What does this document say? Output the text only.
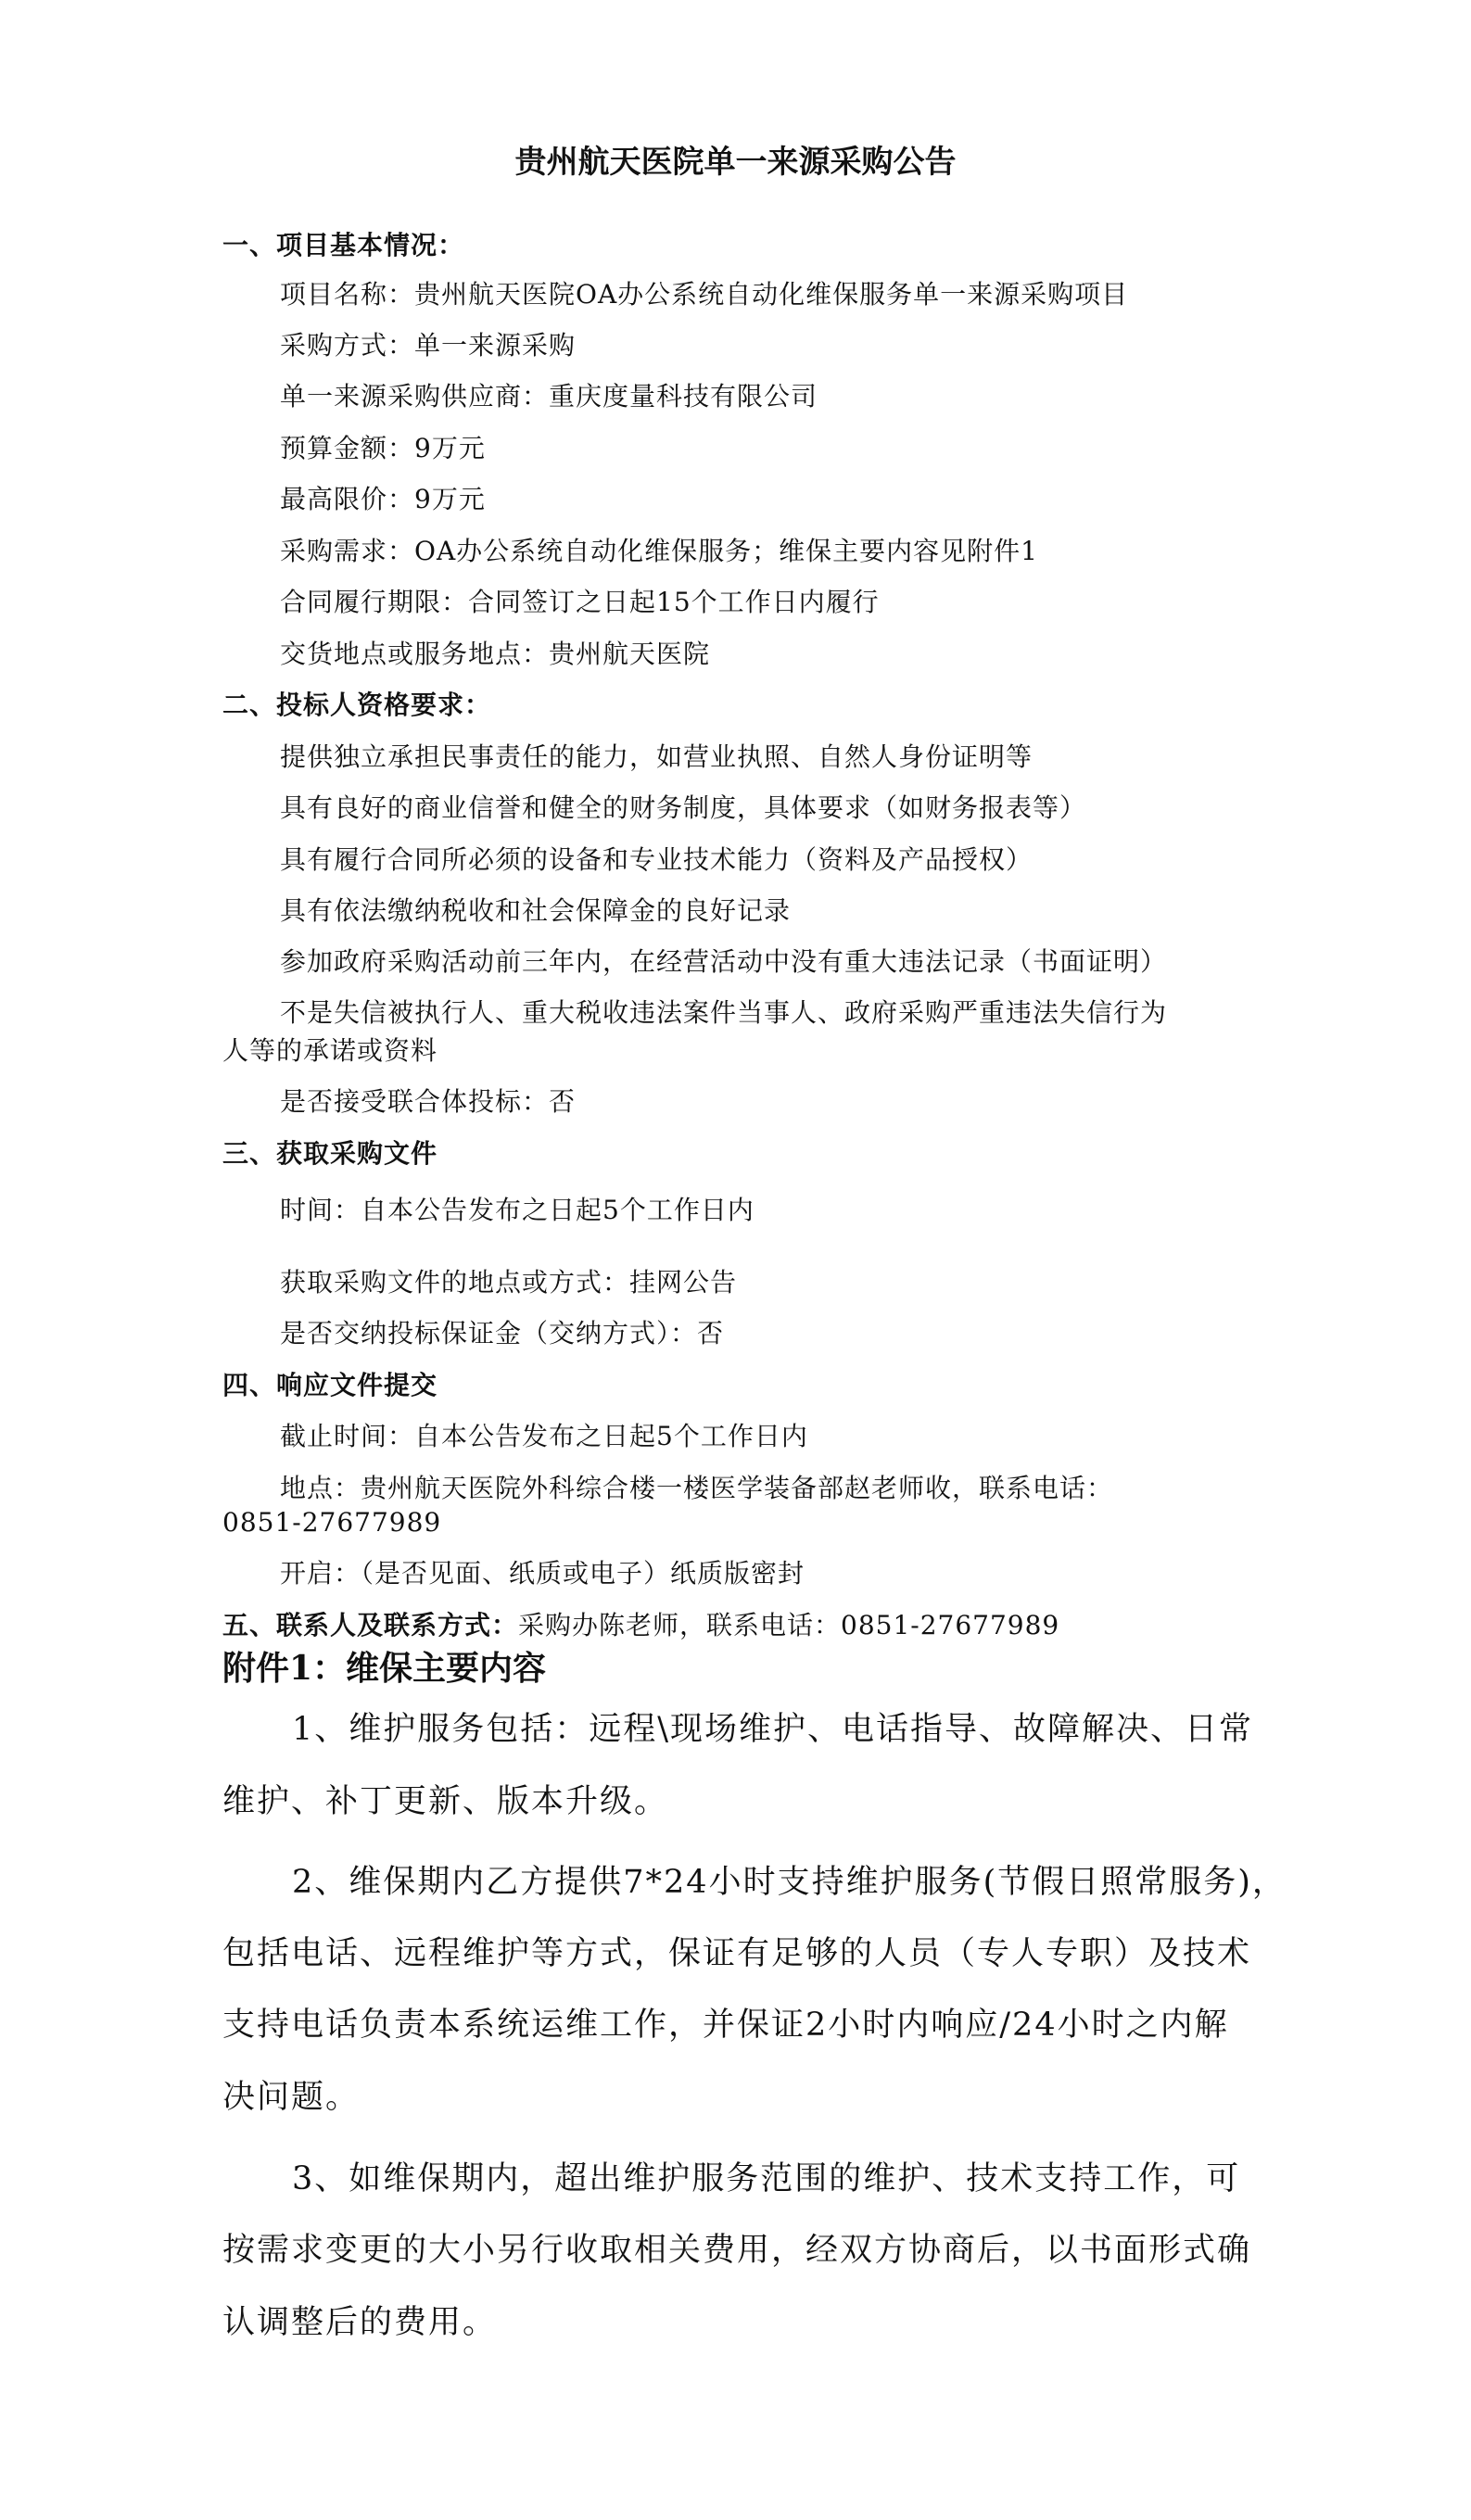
贵州航天医院单一来源采购公告
一、项目基本情况：
项目名称：贵州航天医院OA办公系统自动化维保服务单一来源采购项目
采购方式：单一来源采购
单一来源采购供应商：重庆度量科技有限公司
预算金额：9万元
最高限价：9万元
采购需求：OA办公系统自动化维保服务；维保主要内容见附件1
合同履行期限：合同签订之日起15个工作日内履行
交货地点或服务地点：贵州航天医院
二、投标人资格要求：
提供独立承担民事责任的能力，如营业执照、自然人身份证明等
具有良好的商业信誉和健全的财务制度，具体要求（如财务报表等）
具有履行合同所必须的设备和专业技术能力（资料及产品授权）
具有依法缴纳税收和社会保障金的良好记录
参加政府采购活动前三年内，在经营活动中没有重大违法记录（书面证明）
不是失信被执行人、重大税收违法案件当事人、政府采购严重违法失信行为
人等的承诺或资料
是否接受联合体投标：否
三、获取采购文件
时间：自本公告发布之日起5个工作日内
获取采购文件的地点或方式：挂网公告
是否交纳投标保证金（交纳方式）：否
四、响应文件提交
截止时间：自本公告发布之日起5个工作日内
地点：贵州航天医院外科综合楼一楼医学装备部赵老师收，联系电话：
0851-27677989
开启：（是否见面、纸质或电子）纸质版密封
五、联系人及联系方式：采购办陈老师，联系电话：0851-27677989
附件1：维保主要内容
1、维护服务包括：远程\现场维护、电话指导、故障解决、日常
维护、补丁更新、版本升级。
2、维保期内乙方提供7*24小时支持维护服务(节假日照常服务)，
包括电话、远程维护等方式，保证有足够的人员（专人专职）及技术
支持电话负责本系统运维工作，并保证2小时内响应/24小时之内解
决问题。
3、如维保期内，超出维护服务范围的维护、技术支持工作，可
按需求变更的大小另行收取相关费用，经双方协商后，以书面形式确
认调整后的费用。
